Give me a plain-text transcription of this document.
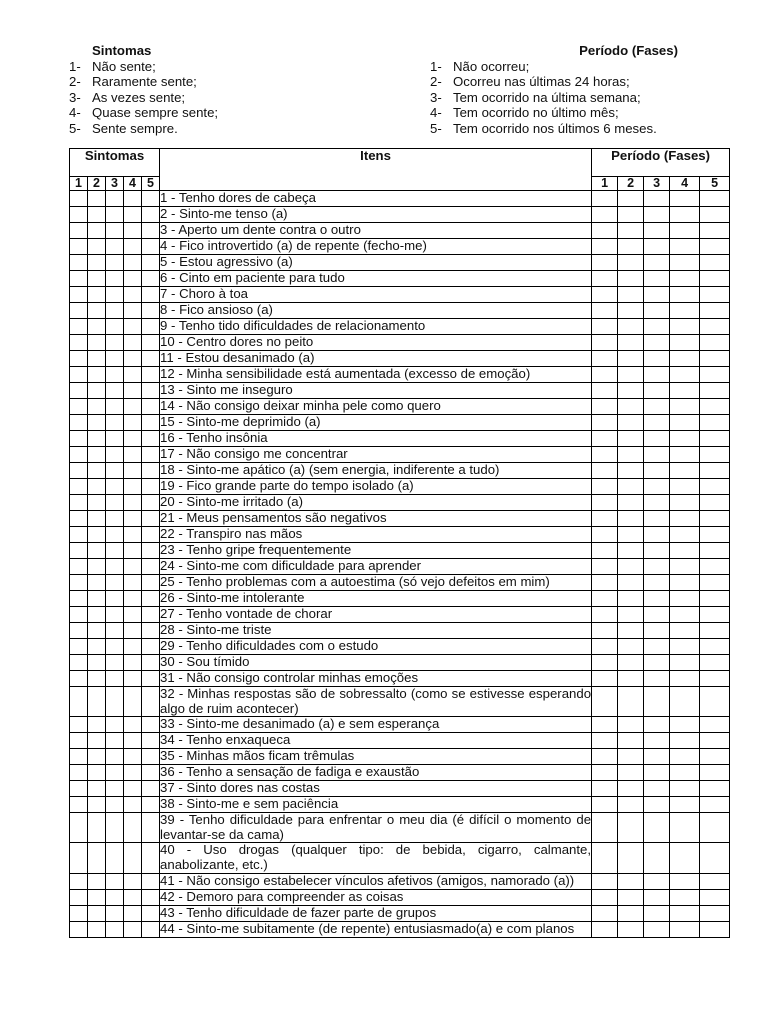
Sintomas
1- Não sente;
2- Raramente sente;
3- As vezes sente;
4- Quase sempre sente;
5- Sente sempre.
Período (Fases)
1- Não ocorreu;
2- Ocorreu nas últimas 24 horas;
3- Tem ocorrido na última semana;
4- Tem ocorrido no último mês;
5- Tem ocorrido nos últimos 6 meses.
Sintomas					Itens	Período (Fases)				
1	2	3	4	5		1	2	3	4	5
					1 - Tenho dores de cabeça					
					2 - Sinto-me tenso (a)					
					3 - Aperto um dente contra o outro					
					4 - Fico introvertido (a) de repente (fecho-me)					
					5 - Estou agressivo (a)					
					6 - Cinto em paciente para tudo					
					7 - Choro à toa					
					8 - Fico ansioso (a)					
					9 - Tenho tido dificuldades de relacionamento					
					10 - Centro dores no peito					
					11 - Estou desanimado (a)					
					12 - Minha sensibilidade está aumentada (excesso de emoção)					
					13 - Sinto me inseguro					
					14 - Não consigo deixar minha pele como quero					
					15 - Sinto-me deprimido (a)					
					16 - Tenho insônia					
					17 - Não consigo me concentrar					
					18 - Sinto-me apático (a) (sem energia, indiferente a tudo)					
					19 - Fico grande parte do tempo isolado (a)					
					20 - Sinto-me irritado (a)					
					21 - Meus pensamentos são negativos					
					22 - Transpiro nas mãos					
					23 - Tenho gripe frequentemente					
					24 - Sinto-me com dificuldade para aprender					
					25 - Tenho problemas com a autoestima (só vejo defeitos em mim)					
					26 - Sinto-me intolerante					
					27 - Tenho vontade de chorar					
					28 - Sinto-me triste					
					29 - Tenho dificuldades com o estudo					
					30 - Sou tímido					
					31 - Não consigo controlar minhas emoções					
					32 - Minhas respostas são de sobressalto (como se estivesse esperando algo de ruim acontecer)					
					33 - Sinto-me desanimado (a) e sem esperança					
					34 - Tenho enxaqueca					
					35 - Minhas mãos ficam trêmulas					
					36 - Tenho a sensação de fadiga e exaustão					
					37 - Sinto dores nas costas					
					38 - Sinto-me e sem paciência					
					39 - Tenho dificuldade para enfrentar o meu dia (é difícil o momento de levantar-se da cama)					
					40 - Uso drogas (qualquer tipo: de bebida, cigarro, calmante, anabolizante, etc.)					
					41 - Não consigo estabelecer vínculos afetivos (amigos, namorado (a))					
					42 - Demoro para compreender as coisas					
					43 - Tenho dificuldade de fazer parte de grupos					
					44 - Sinto-me subitamente (de repente) entusiasmado(a) e com planos					
